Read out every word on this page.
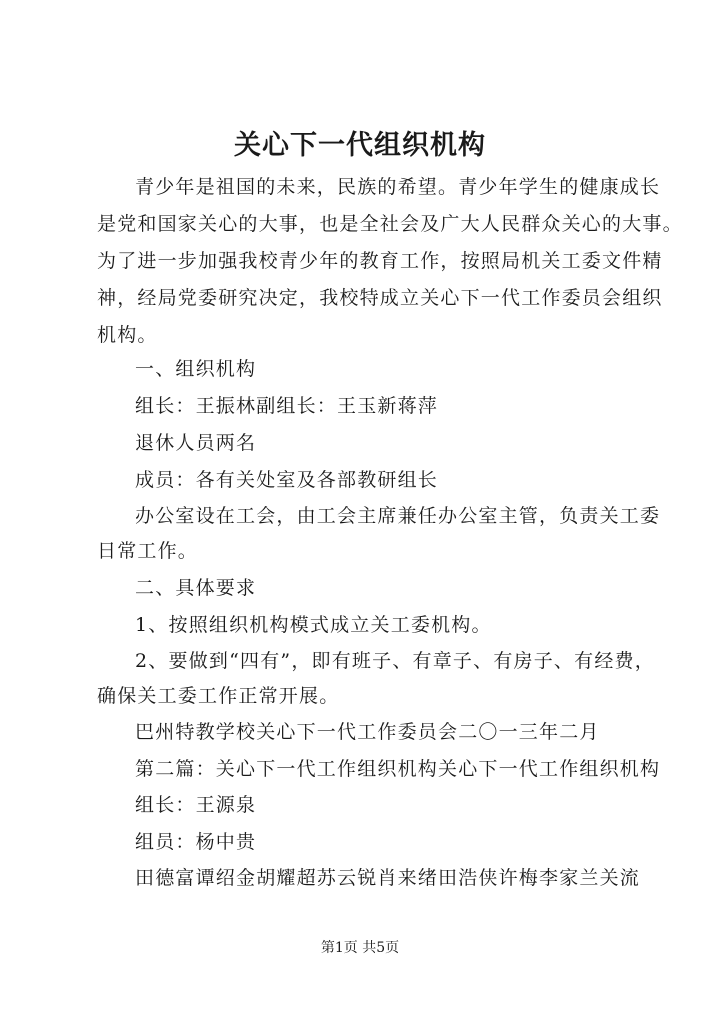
关心下一代组织机构
青少年是祖国的未来，民族的希望。青少年学生的健康成长
是党和国家关心的大事，也是全社会及广大人民群众关心的大事。
为了进一步加强我校青少年的教育工作，按照局机关工委文件精
神，经局党委研究决定，我校特成立关心下一代工作委员会组织
机构。
一、组织机构
组长：王振林副组长：王玉新蒋萍
退休人员两名
成员：各有关处室及各部教研组长
办公室设在工会，由工会主席兼任办公室主管，负责关工委
日常工作。
二、具体要求
1、按照组织机构模式成立关工委机构。
2、要做到“四有”，即有班子、有章子、有房子、有经费，
确保关工委工作正常开展。
巴州特教学校关心下一代工作委员会二〇一三年二月
第二篇：关心下一代工作组织机构关心下一代工作组织机构
组长：王源泉
组员：杨中贵
田德富谭绍金胡耀超苏云锐肖来绪田浩侠许梅李家兰关流
第1页 共5页
